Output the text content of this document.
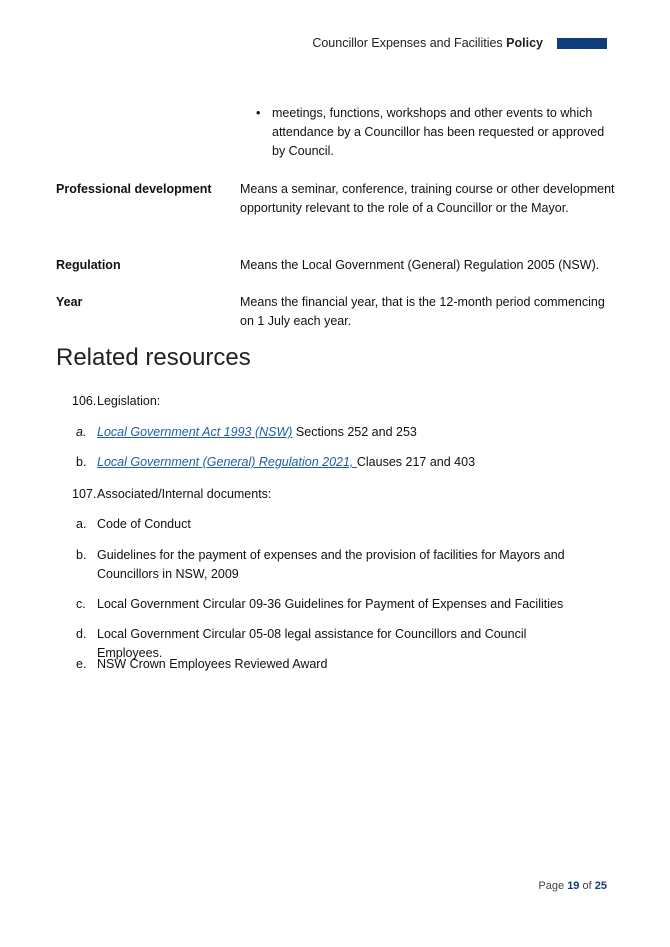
Councillor Expenses and Facilities Policy
• meetings, functions, workshops and other events to which attendance by a Councillor has been requested or approved by Council.
Professional development	Means a seminar, conference, training course or other development opportunity relevant to the role of a Councillor or the Mayor.
Regulation	Means the Local Government (General) Regulation 2005 (NSW).
Year	Means the financial year, that is the 12-month period commencing on 1 July each year.
Related resources
106.Legislation:
a. Local Government Act 1993 (NSW) Sections 252 and 253
b. Local Government (General) Regulation 2021, Clauses 217 and 403
107.Associated/Internal documents:
a. Code of Conduct
b. Guidelines for the payment of expenses and the provision of facilities for Mayors and Councillors in NSW, 2009
c. Local Government Circular 09-36 Guidelines for Payment of Expenses and Facilities
d. Local Government Circular 05-08 legal assistance for Councillors and Council Employees.
e. NSW Crown Employees Reviewed Award
Page 19 of 25
